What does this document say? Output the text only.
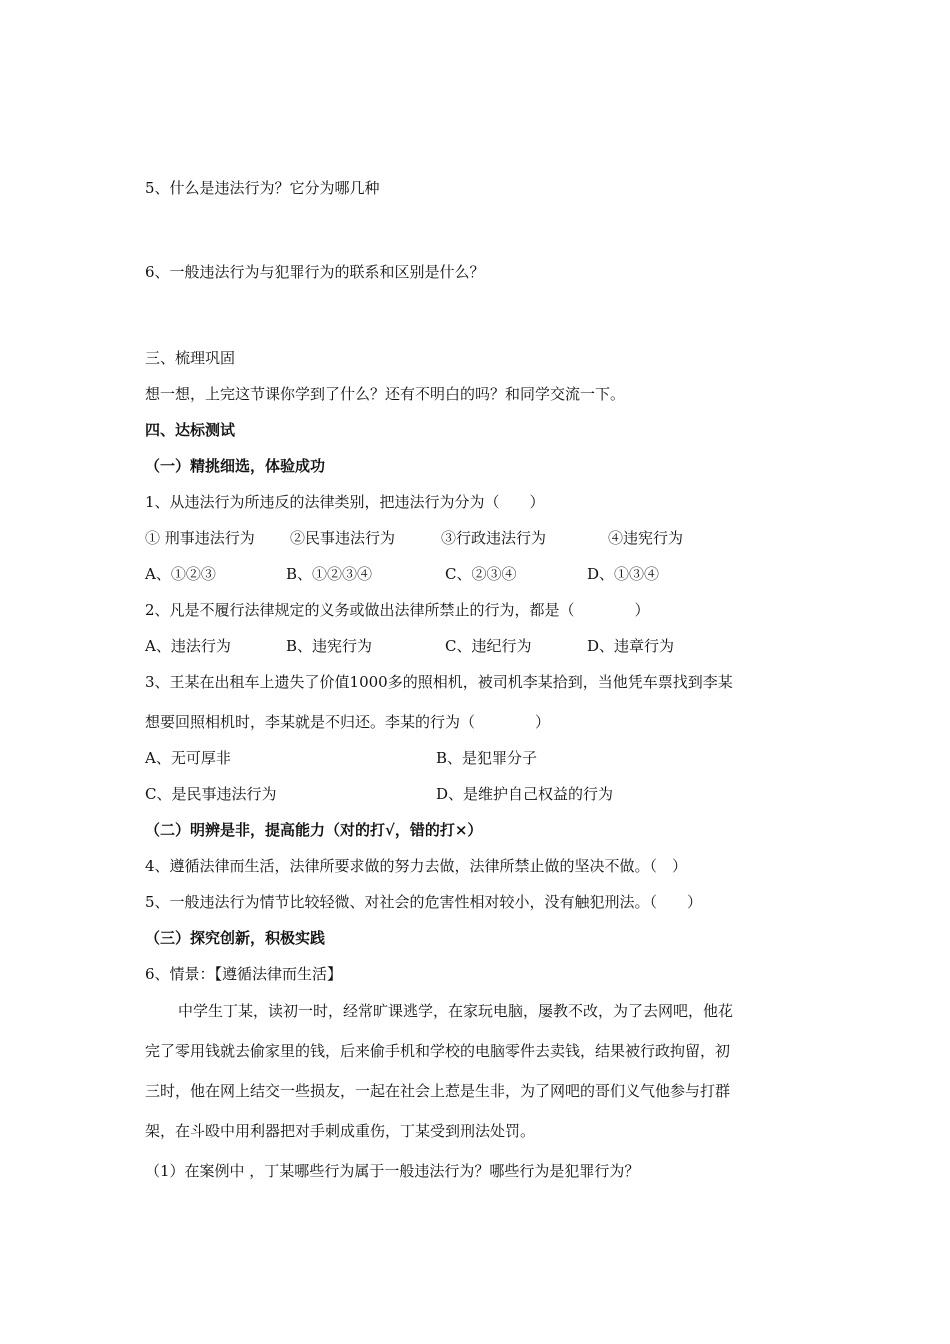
5、什么是违法行为？它分为哪几种
6、一般违法行为与犯罪行为的联系和区别是什么？
三、梳理巩固
想一想，上完这节课你学到了什么？还有不明白的吗？和同学交流一下。
四、达标测试
（一）精挑细选，体验成功
1、从违法行为所违反的法律类别，把违法行为分为（　　）
① 刑事违法行为 ②民事违法行为	③行政违法行为	④违宪行为
A、①②③	B、①②③④	C、②③④	D、①③④
2、凡是不履行法律规定的义务或做出法律所禁止的行为，都是（　　　　）
A、违法行为	B、违宪行为	C、违纪行为	D、违章行为
3、王某在出租车上遗失了价值1000多的照相机，被司机李某拾到，当他凭车票找到李某
想要回照相机时，李某就是不归还。李某的行为（　　　　）
A、无可厚非	B、是犯罪分子
C、是民事违法行为	D、是维护自己权益的行为
（二）明辨是非，提高能力（对的打√，错的打×）
4、遵循法律而生活，法律所要求做的努力去做，法律所禁止做的坚决不做。（　）
5、一般违法行为情节比较轻微、对社会的危害性相对较小，没有触犯刑法。（　　）
（三）探究创新，积极实践
6、情景：【遵循法律而生活】
中学生丁某，读初一时，经常旷课逃学，在家玩电脑，屡教不改，为了去网吧，他花
完了零用钱就去偷家里的钱，后来偷手机和学校的电脑零件去卖钱，结果被行政拘留，初
三时，他在网上结交一些损友，一起在社会上惹是生非，为了网吧的哥们义气他参与打群
架，在斗殴中用利器把对手刺成重伤，丁某受到刑法处罚。
（1）在案例中 ，丁某哪些行为属于一般违法行为？哪些行为是犯罪行为？
